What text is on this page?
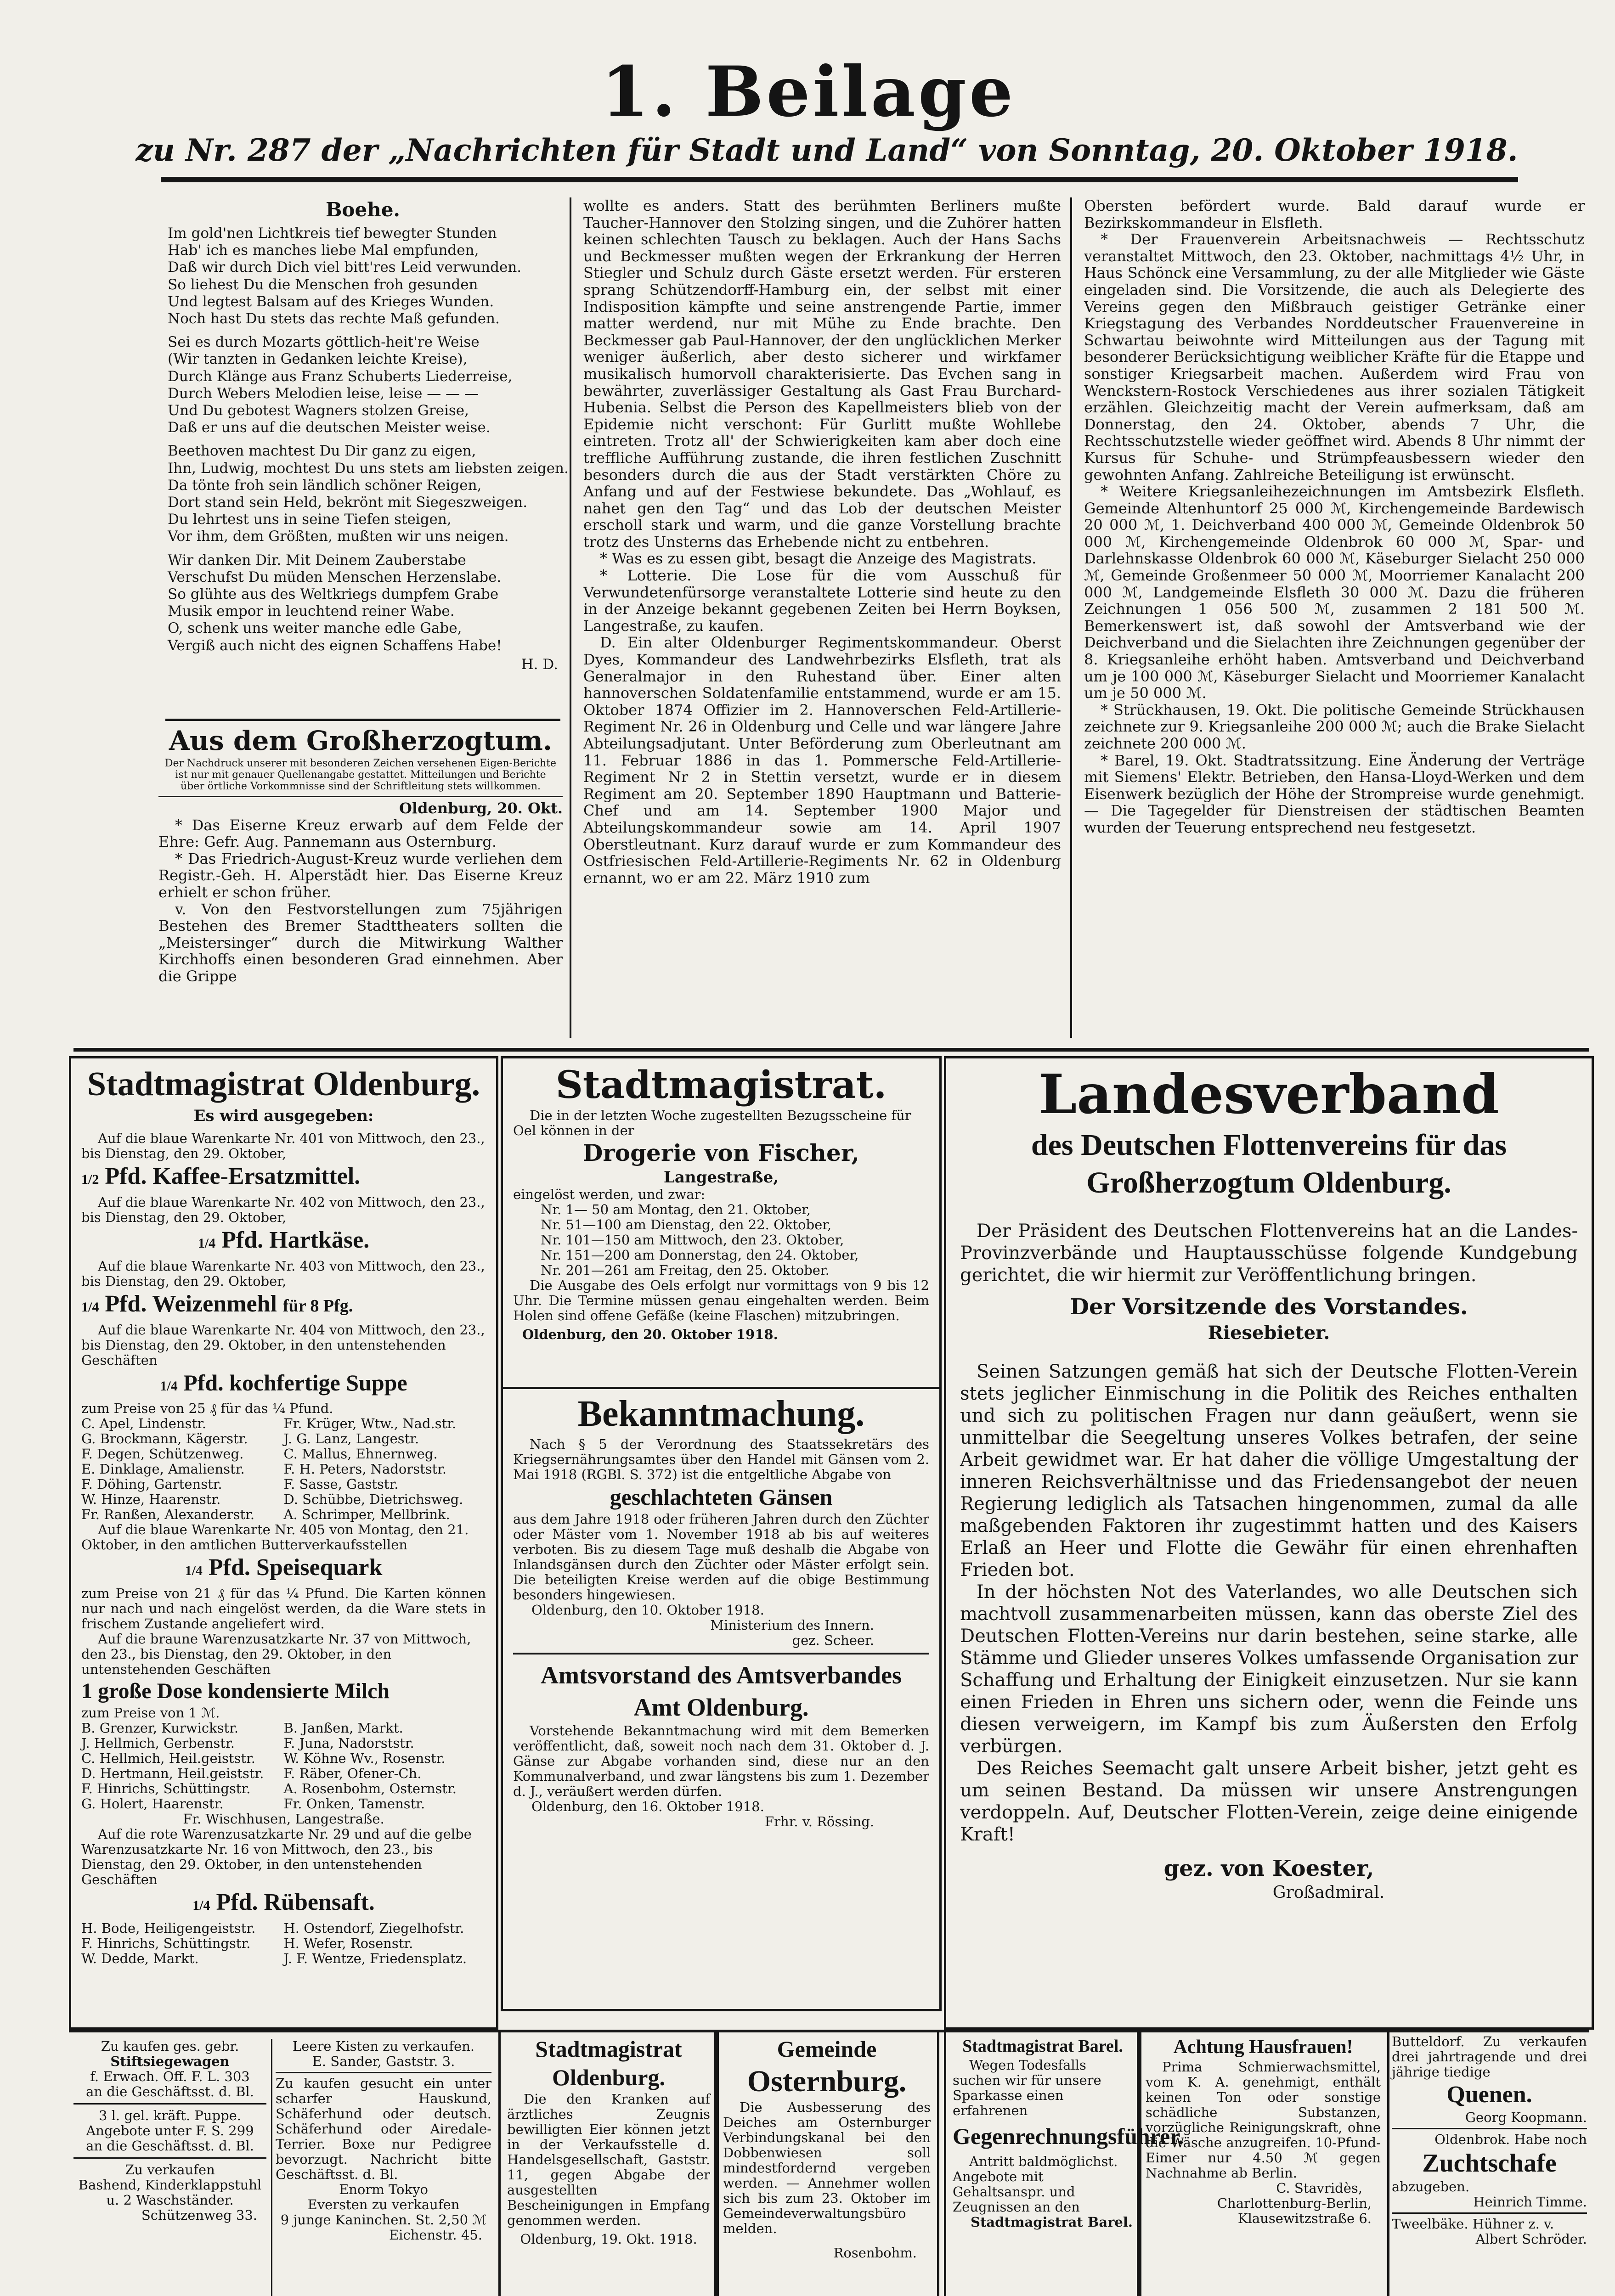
1. Beilage
zu Nr. 287 der „Nachrichten für Stadt und Land“ von Sonntag, 20. Oktober 1918.
Boehe.
Im gold'nen Lichtkreis tief bewegter Stunden
Hab' ich es manches liebe Mal empfunden,
Daß wir durch Dich viel bitt'res Leid verwunden.
So liehest Du die Menschen froh gesunden
Und legtest Balsam auf des Krieges Wunden.
Noch hast Du stets das rechte Maß gefunden.
Sei es durch Mozarts göttlich-heit're Weise
(Wir tanzten in Gedanken leichte Kreise),
Durch Klänge aus Franz Schuberts Liederreise,
Durch Webers Melodien leise, leise — — —
Und Du gebotest Wagners stolzen Greise,
Daß er uns auf die deutschen Meister weise.
Beethoven machtest Du Dir ganz zu eigen,
Ihn, Ludwig, mochtest Du uns stets am liebsten zeigen.
Da tönte froh sein ländlich schöner Reigen,
Dort stand sein Held, bekrönt mit Siegeszweigen.
Du lehrtest uns in seine Tiefen steigen,
Vor ihm, dem Größten, mußten wir uns neigen.
Wir danken Dir. Mit Deinem Zauberstabe
Verschufst Du müden Menschen Herzenslabe.
So glühte aus des Weltkriegs dumpfem Grabe
Musik empor in leuchtend reiner Wabe.
O, schenk uns weiter manche edle Gabe,
Vergiß auch nicht des eignen Schaffens Habe!
H. D.
Aus dem Großherzogtum.
Der Nachdruck unserer mit besonderen Zeichen versehenen Eigen-Berichte ist nur mit genauer Quellenangabe gestattet. Mitteilungen und Berichte über örtliche Vorkommnisse sind der Schriftleitung stets willkommen.
Oldenburg, 20. Okt.

* Das Eiserne Kreuz erwarb auf dem Felde der Ehre: Gefr. Aug. Pannemann aus Osternburg.

* Das Friedrich-August-Kreuz wurde verliehen dem Registr.-Geh. H. Alperstädt hier. Das Eiserne Kreuz erhielt er schon früher.

v. Von den Festvorstellungen zum 75jährigen Bestehen des Bremer Stadttheaters sollten die „Meistersinger“ durch die Mitwirkung Walther Kirchhoffs einen besonderen Grad einnehmen. Aber die Grippe

wollte es anders. Statt des berühmten Berliners mußte Taucher-Hannover den Stolzing singen, und die Zuhörer hatten keinen schlechten Tausch zu beklagen. Auch der Hans Sachs und Beckmesser mußten wegen der Erkrankung der Herren Stiegler und Schulz durch Gäste ersetzt werden. Für ersteren sprang Schützendorff-Hamburg ein, der selbst mit einer Indisposition kämpfte und seine anstrengende Partie, immer matter werdend, nur mit Mühe zu Ende brachte. Den Beckmesser gab Paul-Hannover, der den unglücklichen Merker weniger äußerlich, aber desto sicherer und wirkfamer musikalisch humorvoll charakterisierte. Das Evchen sang in bewährter, zuverlässiger Gestaltung als Gast Frau Burchard-Hubenia. Selbst die Person des Kapellmeisters blieb von der Epidemie nicht verschont: Für Gurlitt mußte Wohllebe eintreten. Trotz all' der Schwierigkeiten kam aber doch eine treffliche Aufführung zustande, die ihren festlichen Zuschnitt besonders durch die aus der Stadt verstärkten Chöre zu Anfang und auf der Festwiese bekundete. Das „Wohlauf, es nahet gen den Tag“ und das Lob der deutschen Meister erscholl stark und warm, und die ganze Vorstellung brachte trotz des Unsterns das Erhebende nicht zu entbehren.

* Was es zu essen gibt, besagt die Anzeige des Magistrats.

* Lotterie. Die Lose für die vom Ausschuß für Verwundetenfürsorge veranstaltete Lotterie sind heute zu den in der Anzeige bekannt gegebenen Zeiten bei Herrn Boyksen, Langestraße, zu kaufen.

D. Ein alter Oldenburger Regimentskommandeur. Oberst Dyes, Kommandeur des Landwehrbezirks Elsfleth, trat als Generalmajor in den Ruhestand über. Einer alten hannoverschen Soldatenfamilie entstammend, wurde er am 15. Oktober 1874 Offizier im 2. Hannoverschen Feld-Artillerie-Regiment Nr. 26 in Oldenburg und Celle und war längere Jahre Abteilungsadjutant. Unter Beförderung zum Oberleutnant am 11. Februar 1886 in das 1. Pommersche Feld-Artillerie-Regiment Nr 2 in Stettin versetzt, wurde er in diesem Regiment am 20. September 1890 Hauptmann und Batterie-Chef und am 14. September 1900 Major und Abteilungskommandeur sowie am 14. April 1907 Oberstleutnant. Kurz darauf wurde er zum Kommandeur des Ostfriesischen Feld-Artillerie-Regiments Nr. 62 in Oldenburg ernannt, wo er am 22. März 1910 zum

Obersten befördert wurde. Bald darauf wurde er Bezirkskommandeur in Elsfleth.

* Der Frauenverein Arbeitsnachweis — Rechtsschutz veranstaltet Mittwoch, den 23. Oktober, nachmittags 4½ Uhr, in Haus Schönck eine Versammlung, zu der alle Mitglieder wie Gäste eingeladen sind. Die Vorsitzende, die auch als Delegierte des Vereins gegen den Mißbrauch geistiger Getränke einer Kriegstagung des Verbandes Norddeutscher Frauenvereine in Schwartau beiwohnte wird Mitteilungen aus der Tagung mit besonderer Berücksichtigung weiblicher Kräfte für die Etappe und sonstiger Kriegsarbeit machen. Außerdem wird Frau von Wenckstern-Rostock Verschiedenes aus ihrer sozialen Tätigkeit erzählen. Gleichzeitig macht der Verein aufmerksam, daß am Donnerstag, den 24. Oktober, abends 7 Uhr, die Rechtsschutzstelle wieder geöffnet wird. Abends 8 Uhr nimmt der Kursus für Schuhe- und Strümpfeausbessern wieder den gewohnten Anfang. Zahlreiche Beteiligung ist erwünscht.

* Weitere Kriegsanleihezeichnungen im Amtsbezirk Elsfleth. Gemeinde Altenhuntorf 25 000 ℳ, Kirchengemeinde Bardewisch 20 000 ℳ, 1. Deichverband 400 000 ℳ, Gemeinde Oldenbrok 50 000 ℳ, Kirchengemeinde Oldenbrok 60 000 ℳ, Spar- und Darlehnskasse Oldenbrok 60 000 ℳ, Käseburger Sielacht 250 000 ℳ, Gemeinde Großenmeer 50 000 ℳ, Moorriemer Kanalacht 200 000 ℳ, Landgemeinde Elsfleth 30 000 ℳ. Dazu die früheren Zeichnungen 1 056 500 ℳ, zusammen 2 181 500 ℳ. Bemerkenswert ist, daß sowohl der Amtsverband wie der Deichverband und die Sielachten ihre Zeichnungen gegenüber der 8. Kriegsanleihe erhöht haben. Amtsverband und Deichverband um je 100 000 ℳ, Käseburger Sielacht und Moorriemer Kanalacht um je 50 000 ℳ.

* Strückhausen, 19. Okt. Die politische Gemeinde Strückhausen zeichnete zur 9. Kriegsanleihe 200 000 ℳ; auch die Brake Sielacht zeichnete 200 000 ℳ.

* Barel, 19. Okt. Stadtratssitzung. Eine Änderung der Verträge mit Siemens' Elektr. Betrieben, den Hansa-Lloyd-Werken und dem Eisenwerk bezüglich der Höhe der Strompreise wurde genehmigt. — Die Tagegelder für Dienstreisen der städtischen Beamten wurden der Teuerung entsprechend neu festgesetzt.

Stadtmagistrat Oldenburg.
Es wird ausgegeben:

Auf die blaue Warenkarte Nr. 401 von Mittwoch, den 23., bis Dienstag, den 29. Oktober,

1/2 Pfd. Kaffee-Ersatzmittel.

Auf die blaue Warenkarte Nr. 402 von Mittwoch, den 23., bis Dienstag, den 29. Oktober,

1/4 Pfd. Hartkäse.

Auf die blaue Warenkarte Nr. 403 von Mittwoch, den 23., bis Dienstag, den 29. Oktober,

1/4 Pfd. Weizenmehl für 8 Pfg.

Auf die blaue Warenkarte Nr. 404 von Mittwoch, den 23., bis Dienstag, den 29. Oktober, in den untenstehenden Geschäften

1/4 Pfd. kochfertige Suppe

zum Preise von 25 ₰ für das ¼ Pfund.

C. Apel, Lindenstr.	Fr. Krüger, Wtw., Nad.str.
G. Brockmann, Kägerstr.	J. G. Lanz, Langestr.
F. Degen, Schützenweg.	C. Mallus, Ehnernweg.
E. Dinklage, Amalienstr.	F. H. Peters, Nadorststr.
F. Döhing, Gartenstr.	F. Sasse, Gaststr.
W. Hinze, Haarenstr.	D. Schübbe, Dietrichsweg.
Fr. Ranßen, Alexanderstr.	A. Schrimper, Mellbrink.

Auf die blaue Warenkarte Nr. 405 von Montag, den 21. Oktober, in den amtlichen Butterverkaufsstellen

1/4 Pfd. Speisequark

zum Preise von 21 ₰ für das ¼ Pfund. Die Karten können nur nach und nach eingelöst werden, da die Ware stets in frischem Zustande angeliefert wird.

Auf die braune Warenzusatzkarte Nr. 37 von Mittwoch, den 23., bis Dienstag, den 29. Oktober, in den untenstehenden Geschäften

1 große Dose kondensierte Milch

zum Preise von 1 ℳ.

B. Grenzer, Kurwickstr.	B. Janßen, Markt.
J. Hellmich, Gerbenstr.	F. Juna, Nadorststr.
C. Hellmich, Heil.geiststr.	W. Köhne Wv., Rosenstr.
D. Hertmann, Heil.geiststr.	F. Räber, Ofener-Ch.
F. Hinrichs, Schüttingstr.	A. Rosenbohm, Osternstr.
G. Holert, Haarenstr.	Fr. Onken, Tamenstr.
Fr. Wischhusen, Langestraße.

Auf die rote Warenzusatzkarte Nr. 29 und auf die gelbe Warenzusatzkarte Nr. 16 von Mittwoch, den 23., bis Dienstag, den 29. Oktober, in den untenstehenden Geschäften

1/4 Pfd. Rübensaft.
H. Bode, Heiligengeiststr.	H. Ostendorf, Ziegelhofstr.
F. Hinrichs, Schüttingstr.	H. Wefer, Rosenstr.
W. Dedde, Markt.	J. F. Wentze, Friedensplatz.
Stadtmagistrat.

Die in der letzten Woche zugestellten Bezugsscheine für Oel können in der

Drogerie von Fischer,
Langestraße,

eingelöst werden, und zwar:

Nr. 1— 50 am Montag, den 21. Oktober,
Nr. 51—100 am Dienstag, den 22. Oktober,
Nr. 101—150 am Mittwoch, den 23. Oktober,
Nr. 151—200 am Donnerstag, den 24. Oktober,
Nr. 201—261 am Freitag, den 25. Oktober.

Die Ausgabe des Oels erfolgt nur vormittags von 9 bis 12 Uhr. Die Termine müssen genau eingehalten werden. Beim Holen sind offene Gefäße (keine Flaschen) mitzubringen.

Oldenburg, den 20. Oktober 1918.
Bekanntmachung.

Nach § 5 der Verordnung des Staatssekretärs des Kriegsernährungsamtes über den Handel mit Gänsen vom 2. Mai 1918 (RGBl. S. 372) ist die entgeltliche Abgabe von

geschlachteten Gänsen

aus dem Jahre 1918 oder früheren Jahren durch den Züchter oder Mäster vom 1. November 1918 ab bis auf weiteres verboten. Bis zu diesem Tage muß deshalb die Abgabe von Inlandsgänsen durch den Züchter oder Mäster erfolgt sein. Die beteiligten Kreise werden auf die obige Bestimmung besonders hingewiesen.

Oldenburg, den 10. Oktober 1918.
Ministerium des Innern.
gez. Scheer.
Amtsvorstand des Amtsverbandes
Amt Oldenburg.

Vorstehende Bekanntmachung wird mit dem Bemerken veröffentlicht, daß, soweit noch nach dem 31. Oktober d. J. Gänse zur Abgabe vorhanden sind, diese nur an den Kommunalverband, und zwar längstens bis zum 1. Dezember d. J., veräußert werden dürfen.

Oldenburg, den 16. Oktober 1918.
Frhr. v. Rössing.
Landesverband
des Deutschen Flottenvereins für das Großherzogtum Oldenburg.

Der Präsident des Deutschen Flottenvereins hat an die Landes-Provinzverbände und Hauptausschüsse folgende Kundgebung gerichtet, die wir hiermit zur Veröffentlichung bringen.

Der Vorsitzende des Vorstandes.
Riesebieter.

Seinen Satzungen gemäß hat sich der Deutsche Flotten-Verein stets jeglicher Einmischung in die Politik des Reiches enthalten und sich zu politischen Fragen nur dann geäußert, wenn sie unmittelbar die Seegeltung unseres Volkes betrafen, der seine Arbeit gewidmet war. Er hat daher die völlige Umgestaltung der inneren Reichsverhältnisse und das Friedensangebot der neuen Regierung lediglich als Tatsachen hingenommen, zumal da alle maßgebenden Faktoren ihr zugestimmt hatten und des Kaisers Erlaß an Heer und Flotte die Gewähr für einen ehrenhaften Frieden bot.

In der höchsten Not des Vaterlandes, wo alle Deutschen sich machtvoll zusammenarbeiten müssen, kann das oberste Ziel des Deutschen Flotten-Vereins nur darin bestehen, seine starke, alle Stämme und Glieder unseres Volkes umfassende Organisation zur Schaffung und Erhaltung der Einigkeit einzusetzen. Nur sie kann einen Frieden in Ehren uns sichern oder, wenn die Feinde uns diesen verweigern, im Kampf bis zum Äußersten den Erfolg verbürgen.

Des Reiches Seemacht galt unsere Arbeit bisher, jetzt geht es um seinen Bestand. Da müssen wir unsere Anstrengungen verdoppeln. Auf, Deutscher Flotten-Verein, zeige deine einigende Kraft!

gez. von Koester,
Großadmiral.
Zu kaufen ges. gebr.
Stiftsiegewagen
f. Erwach. Off. F. L. 303
an die Geschäftsst. d. Bl.
3 l. gel. kräft. Puppe.
Angebote unter F. S. 299
an die Geschäftsst. d. Bl.
Zu verkaufen
Bashend, Kinderklappstuhl
u. 2 Waschständer.
Schützenweg 33.
Leere Kisten zu verkaufen.
E. Sander, Gaststr. 3.
Zu kaufen gesucht ein unter scharfer Hauskund, Schäferhund oder deutsch. Schäferhund oder Airedale-Terrier. Boxe nur Pedigree bevorzugt. Nachricht bitte Geschäftsst. d. Bl.
Enorm Tokyo
Eversten zu verkaufen
9 junge Kaninchen. St. 2,50 ℳ
Eichenstr. 45.
Stadtmagistrat
Oldenburg.

Die den Kranken auf ärztliches Zeugnis bewilligten Eier können jetzt in der Verkaufsstelle d. Handelsgesellschaft, Gaststr. 11, gegen Abgabe der ausgestellten Bescheinigungen in Empfang genommen werden.

Oldenburg, 19. Okt. 1918.
Gemeinde
Osternburg.

Die Ausbesserung des Deiches am Osternburger Verbindungskanal bei den Dobbenwiesen soll mindestfordernd vergeben werden. — Annehmer wollen sich bis zum 23. Oktober im Gemeindeverwaltungsbüro melden.

Rosenbohm.
Stadtmagistrat Barel.

Wegen Todesfalls suchen wir für unsere Sparkasse einen erfahrenen

Gegenrechnungsführer.

Antritt baldmöglichst. Angebote mit Gehaltsanspr. und Zeugnissen an den

Stadtmagistrat Barel.
Achtung Hausfrauen!

Prima Schmierwachsmittel, vom K. A. genehmigt, enthält keinen Ton oder sonstige schädliche Substanzen, vorzügliche Reinigungskraft, ohne die Wäsche anzugreifen. 10-Pfund-Eimer nur 4.50 ℳ gegen Nachnahme ab Berlin.

C. Stavridès,
Charlottenburg-Berlin,
Klausewitzstraße 6.

Butteldorf. Zu verkaufen drei jahrtragende und drei jährige tiedige

Quenen.
Georg Koopmann.
Oldenbrok. Habe noch
Zuchtschafe
abzugeben.
Heinrich Timme.
Tweelbäke. Hühner z. v.
Albert Schröder.
